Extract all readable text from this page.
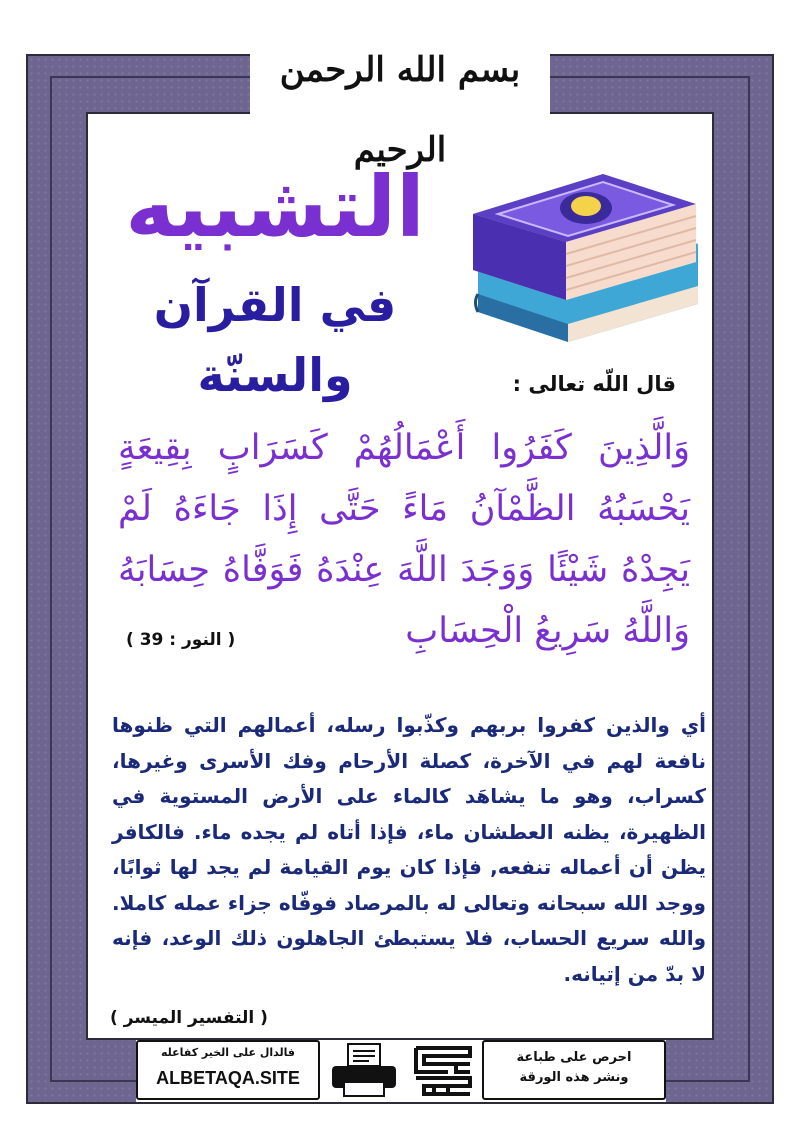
بسم الله الرحمن الرحيم
التشبيه
في القرآن والسنّة	قال اللّه تعالى :
وَالَّذِينَ كَفَرُوا أَعْمَالُهُمْ كَسَرَابٍ بِقِيعَةٍ يَحْسَبُهُ الظَّمْآنُ مَاءً حَتَّى إِذَا جَاءَهُ لَمْ يَجِدْهُ شَيْئًا وَوَجَدَ اللَّهَ عِنْدَهُ فَوَفَّاهُ حِسَابَهُ وَاللَّهُ سَرِيعُ الْحِسَابِ
( النور : 39 )
أي والذين كفروا بربهم وكذّبوا رسله، أعمالهم التي ظنوها نافعة لهم في الآخرة، كصلة الأرحام وفك الأسرى وغيرها، كسراب، وهو ما يشاهَد كالماء على الأرض المستوية في الظهيرة، يظنه العطشان ماء، فإذا أتاه لم يجده ماء. فالكافر يظن أن أعماله تنفعه, فإذا كان يوم القيامة لم يجد لها ثوابًا، ووجد الله سبحانه وتعالى له بالمرصاد فوفّاه جزاء عمله كاملا. والله سريع الحساب، فلا يستبطئ الجاهلون ذلك الوعد، فإنه لا بدّ من إتيانه.
( التفسير الميسر )
احرص على طباعة
ونشر هذه الورقة
فالدال على الخير كفاعله
ALBETAQA.SITE
